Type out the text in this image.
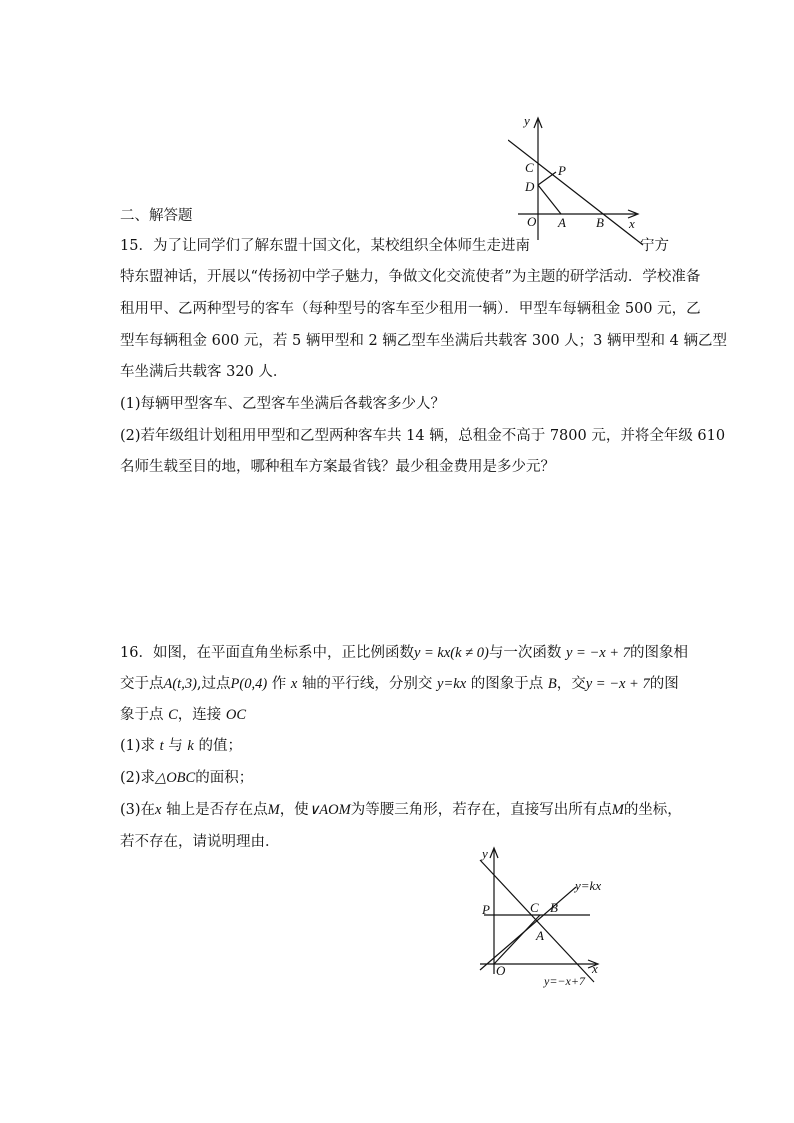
二、解答题
15．为了让同学们了解东盟十国文化，某校组织全体师生走进南	宁方
特东盟神话，开展以“传扬初中学子魅力，争做文化交流使者”为主题的研学活动．学校准备
租用甲、乙两种型号的客车（每种型号的客车至少租用一辆）．甲型车每辆租金 500 元，乙
型车每辆租金 600 元，若 5 辆甲型和 2 辆乙型车坐满后共载客 300 人；3 辆甲型和 4 辆乙型
车坐满后共载客 320 人．
(1)每辆甲型客车、乙型客车坐满后各载客多少人？
(2)若年级组计划租用甲型和乙型两种客车共 14 辆，总租金不高于 7800 元，并将全年级 610
名师生载至目的地，哪种租车方案最省钱？最少租金费用是多少元？
y
C P
D
O A B x
16．如图，在平面直角坐标系中，正比例函数y = kx(k ≠ 0)与一次函数 y = −x + 7的图象相
交于点A(t,3),过点P(0,4) 作 x 轴的平行线，分别交 y=kx 的图象于点 B，交y = −x + 7的图
象于点 C，连接 OC
(1)求 t 与 k 的值；
(2)求△OBC的面积；
(3)在x 轴上是否存在点M，使∨AOM为等腰三角形，若存在，直接写出所有点M的坐标，
若不存在，请说明理由．
y
y=kx
P	C B
A
O	x
y=−x+7
